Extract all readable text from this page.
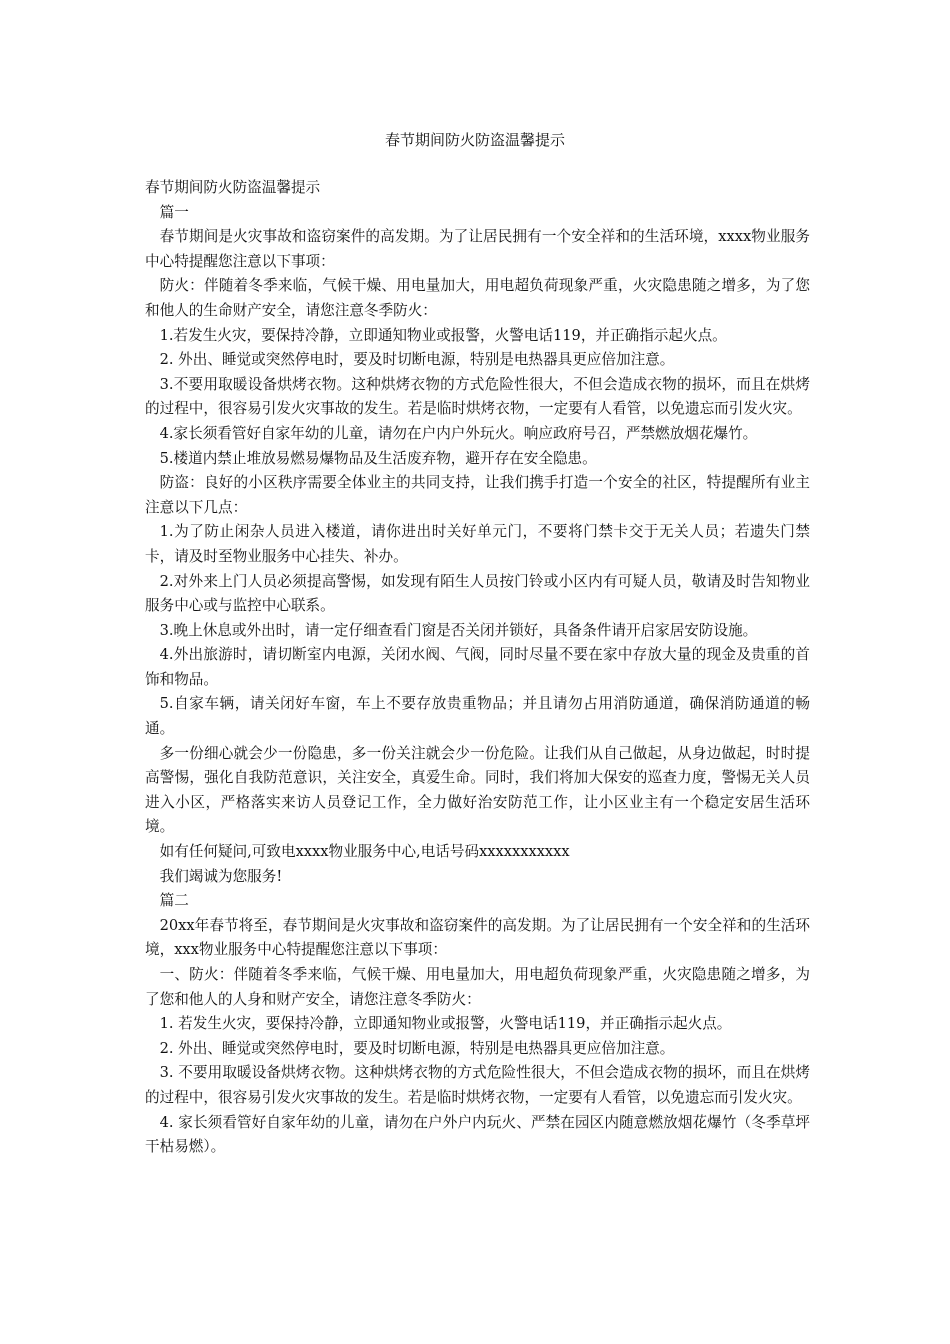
春节期间防火防盗温馨提示

春节期间防火防盗温馨提示

篇一

春节期间是火灾事故和盗窃案件的高发期。为了让居民拥有一个安全祥和的生活环境，xxxx物业服务中心特提醒您注意以下事项：

防火：伴随着冬季来临，气候干燥、用电量加大，用电超负荷现象严重，火灾隐患随之增多，为了您和他人的生命财产安全，请您注意冬季防火：

1.若发生火灾，要保持冷静，立即通知物业或报警，火警电话119，并正确指示起火点。

2. 外出、睡觉或突然停电时，要及时切断电源，特别是电热器具更应倍加注意。

3.不要用取暖设备烘烤衣物。这种烘烤衣物的方式危险性很大，不但会造成衣物的损坏，而且在烘烤的过程中，很容易引发火灾事故的发生。若是临时烘烤衣物，一定要有人看管，以免遗忘而引发火灾。

4.家长须看管好自家年幼的儿童，请勿在户内户外玩火。响应政府号召，严禁燃放烟花爆竹。

5.楼道内禁止堆放易燃易爆物品及生活废弃物，避开存在安全隐患。

防盗：良好的小区秩序需要全体业主的共同支持，让我们携手打造一个安全的社区，特提醒所有业主注意以下几点：

1.为了防止闲杂人员进入楼道，请你进出时关好单元门，不要将门禁卡交于无关人员；若遗失门禁卡，请及时至物业服务中心挂失、补办。

2.对外来上门人员必须提高警惕，如发现有陌生人员按门铃或小区内有可疑人员，敬请及时告知物业服务中心或与监控中心联系。

3.晚上休息或外出时，请一定仔细查看门窗是否关闭并锁好，具备条件请开启家居安防设施。

4.外出旅游时，请切断室内电源，关闭水阀、气阀，同时尽量不要在家中存放大量的现金及贵重的首饰和物品。

5.自家车辆，请关闭好车窗，车上不要存放贵重物品；并且请勿占用消防通道，确保消防通道的畅通。

多一份细心就会少一份隐患，多一份关注就会少一份危险。让我们从自己做起，从身边做起，时时提高警惕，强化自我防范意识，关注安全，真爱生命。同时，我们将加大保安的巡查力度，警惕无关人员进入小区，严格落实来访人员登记工作，全力做好治安防范工作，让小区业主有一个稳定安居生活环境。

如有任何疑问,可致电xxxx物业服务中心,电话号码xxxxxxxxxxx

我们竭诚为您服务!

篇二

20xx年春节将至，春节期间是火灾事故和盗窃案件的高发期。为了让居民拥有一个安全祥和的生活环境，xxx物业服务中心特提醒您注意以下事项：

一、防火：伴随着冬季来临，气候干燥、用电量加大，用电超负荷现象严重，火灾隐患随之增多，为了您和他人的人身和财产安全，请您注意冬季防火：

1. 若发生火灾，要保持冷静，立即通知物业或报警，火警电话119，并正确指示起火点。

2. 外出、睡觉或突然停电时，要及时切断电源，特别是电热器具更应倍加注意。

3. 不要用取暖设备烘烤衣物。这种烘烤衣物的方式危险性很大，不但会造成衣物的损坏，而且在烘烤的过程中，很容易引发火灾事故的发生。若是临时烘烤衣物，一定要有人看管，以免遗忘而引发火灾。

4. 家长须看管好自家年幼的儿童，请勿在户外户内玩火、严禁在园区内随意燃放烟花爆竹（冬季草坪干枯易燃）。
